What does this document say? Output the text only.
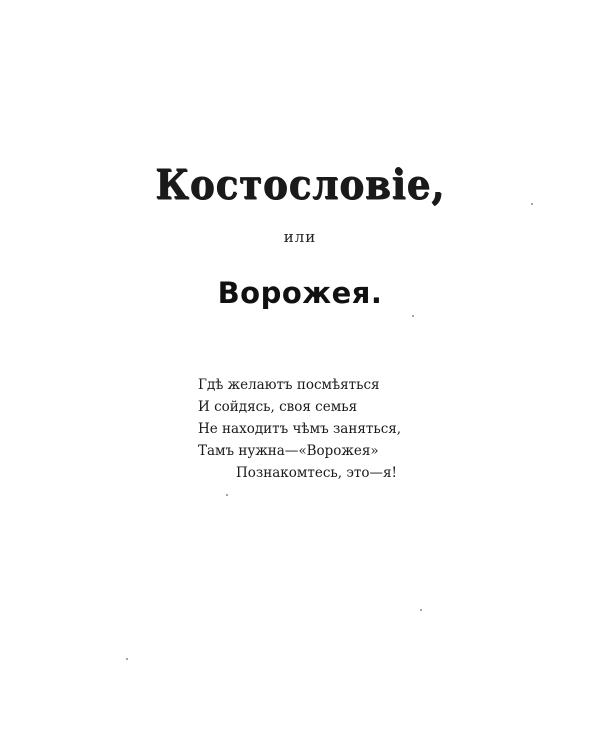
Костословіе,
или
Ворожея.
Гдѣ желаютъ посмѣяться
И сойдясь, своя семья
Не находитъ чѣмъ заняться,
Тамъ нужна—«Ворожея»
Познакомтесь, это—я!
